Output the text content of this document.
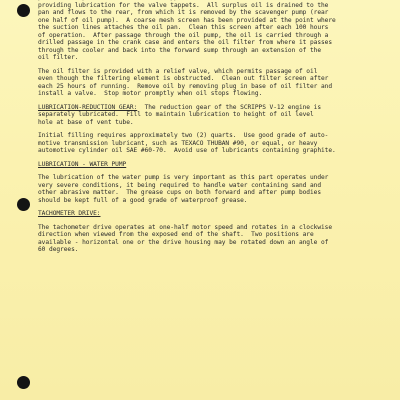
providing lubrication for the valve tappets.  All surplus oil is drained to the
pan and flows to the rear, from which it is removed by the scavenger pump (rear
one half of oil pump).  A coarse mesh screen has been provided at the point where
the suction lines attaches the oil pan.  Clean this screen after each 100 hours
of operation.  After passage through the oil pump, the oil is carried through a
drilled passage in the crank case and enters the oil filter from where it passes
through the cooler and back into the forward sump through an extension of the
oil filter.
The oil filter is provided with a relief valve, which permits passage of oil
even though the filtering element is obstructed.  Clean out filter screen after
each 25 hours of running.  Remove oil by removing plug in base of oil filter and
install a valve.  Stop motor promptly when oil stops flowing.
LUBRICATION-REDUCTION GEAR:  The reduction gear of the SCRIPPS V-12 engine is
separately lubricated.  Fill to maintain lubrication to height of oil level
hole at base of vent tube.
Initial filling requires approximately two (2) quarts.  Use good grade of auto-
motive transmission lubricant, such as TEXACO THUBAN #90, or equal, or heavy
automotive cylinder oil SAE #60-70.  Avoid use of lubricants containing graphite.
LUBRICATION - WATER PUMP
The lubrication of the water pump is very important as this part operates under
very severe conditions, it being required to handle water containing sand and
other abrasive matter.  The grease cups on both forward and after pump bodies
should be kept full of a good grade of waterproof grease.
TACHOMETER DRIVE:
The tachometer drive operates at one-half motor speed and rotates in a clockwise
direction when viewed from the exposed end of the shaft.  Two positions are
available - horizontal one or the drive housing may be rotated down an angle of
60 degrees.
